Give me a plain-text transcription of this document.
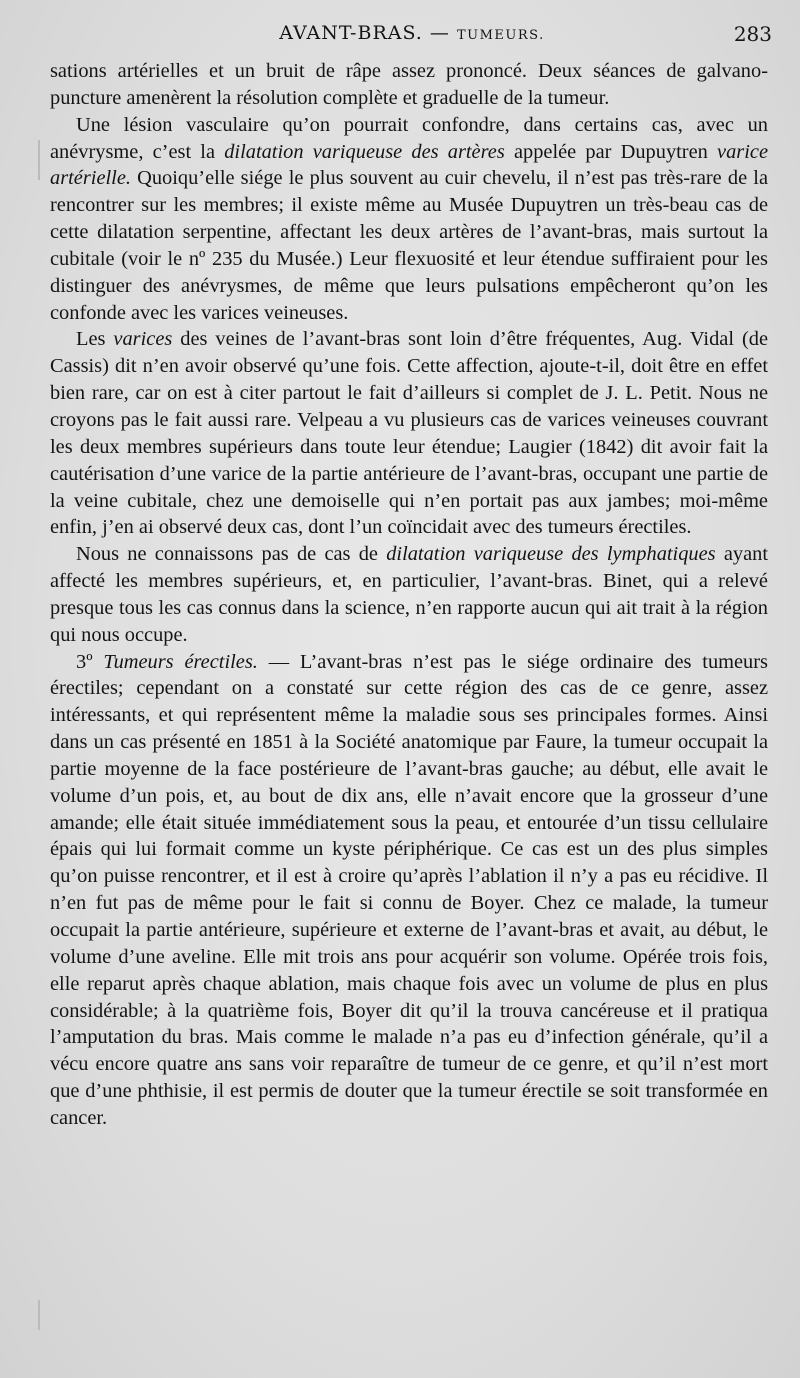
AVANT-BRAS. — TUMEURS.	283

sations artérielles et un bruit de râpe assez prononcé. Deux séances de galvano-puncture amenèrent la résolution complète et graduelle de la tumeur.

Une lésion vasculaire qu’on pourrait confondre, dans certains cas, avec un anévrysme, c’est la dilatation variqueuse des artères appelée par Dupuytren varice artérielle. Quoiqu’elle siége le plus souvent au cuir chevelu, il n’est pas très-rare de la rencontrer sur les membres; il existe même au Musée Dupuytren un très-beau cas de cette dilatation serpentine, affectant les deux artères de l’avant-bras, mais surtout la cubitale (voir le nº 235 du Musée.) Leur flexuosité et leur étendue suffiraient pour les distinguer des anévrysmes, de même que leurs pulsations empêcheront qu’on les confonde avec les varices veineuses.

Les varices des veines de l’avant-bras sont loin d’être fréquentes, Aug. Vidal (de Cassis) dit n’en avoir observé qu’une fois. Cette affection, ajoute-t-il, doit être en effet bien rare, car on est à citer partout le fait d’ailleurs si complet de J. L. Petit. Nous ne croyons pas le fait aussi rare. Velpeau a vu plusieurs cas de varices veineuses couvrant les deux membres supérieurs dans toute leur étendue; Laugier (1842) dit avoir fait la cautérisation d’une varice de la partie antérieure de l’avant-bras, occupant une partie de la veine cubitale, chez une demoiselle qui n’en portait pas aux jambes; moi-même enfin, j’en ai observé deux cas, dont l’un coïncidait avec des tumeurs érectiles.

Nous ne connaissons pas de cas de dilatation variqueuse des lymphatiques ayant affecté les membres supérieurs, et, en particulier, l’avant-bras. Binet, qui a relevé presque tous les cas connus dans la science, n’en rapporte aucun qui ait trait à la région qui nous occupe.

3º Tumeurs érectiles. — L’avant-bras n’est pas le siége ordinaire des tumeurs érectiles; cependant on a constaté sur cette région des cas de ce genre, assez intéressants, et qui représentent même la maladie sous ses principales formes. Ainsi dans un cas présenté en 1851 à la Société anatomique par Faure, la tumeur occupait la partie moyenne de la face postérieure de l’avant-bras gauche; au début, elle avait le volume d’un pois, et, au bout de dix ans, elle n’avait encore que la grosseur d’une amande; elle était située immédiatement sous la peau, et entourée d’un tissu cellulaire épais qui lui formait comme un kyste périphérique. Ce cas est un des plus simples qu’on puisse rencontrer, et il est à croire qu’après l’ablation il n’y a pas eu récidive. Il n’en fut pas de même pour le fait si connu de Boyer. Chez ce malade, la tumeur occupait la partie antérieure, supérieure et externe de l’avant-bras et avait, au début, le volume d’une aveline. Elle mit trois ans pour acquérir son volume. Opérée trois fois, elle reparut après chaque ablation, mais chaque fois avec un volume de plus en plus considérable; à la quatrième fois, Boyer dit qu’il la trouva cancéreuse et il pratiqua l’amputation du bras. Mais comme le malade n’a pas eu d’infection générale, qu’il a vécu encore quatre ans sans voir reparaître de tumeur de ce genre, et qu’il n’est mort que d’une phthisie, il est permis de douter que la tumeur érectile se soit transformée en cancer.
